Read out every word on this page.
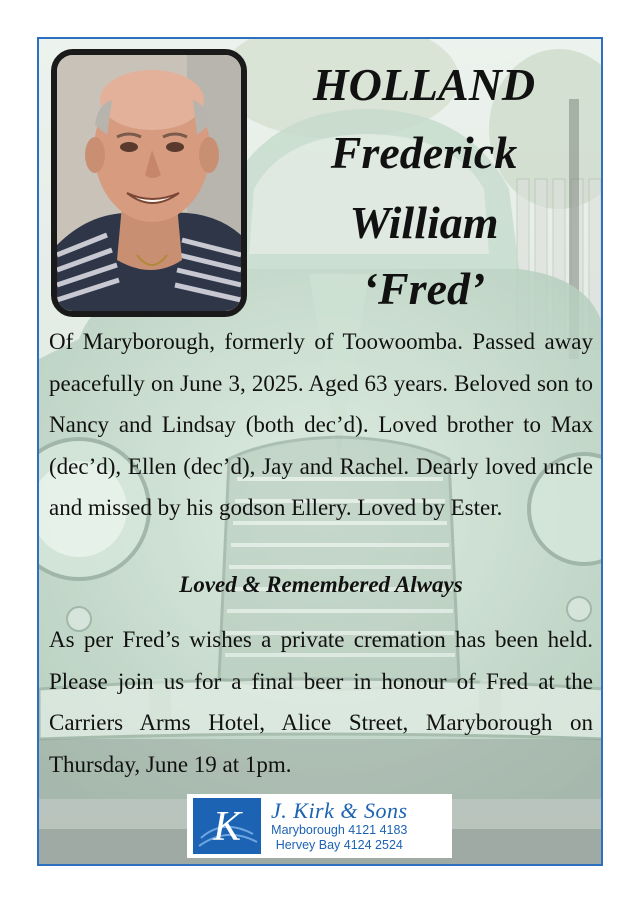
HOLLAND
Frederick
William
‘Fred’

Of Maryborough, formerly of Toowoomba. Passed away peacefully on June 3, 2025. Aged 63 years. Beloved son to Nancy and Lindsay (both dec’d). Loved brother to Max (dec’d), Ellen (dec’d), Jay and Rachel. Dearly loved uncle and missed by his godson Ellery. Loved by Ester.

Loved & Remembered Always

As per Fred’s wishes a private cremation has been held. Please join us for a final beer in honour of Fred at the Carriers Arms Hotel, Alice Street, Maryborough on Thursday, June 19 at 1pm.

K J. Kirk & Sons
Maryborough 4121 4183
Hervey Bay 4124 2524
